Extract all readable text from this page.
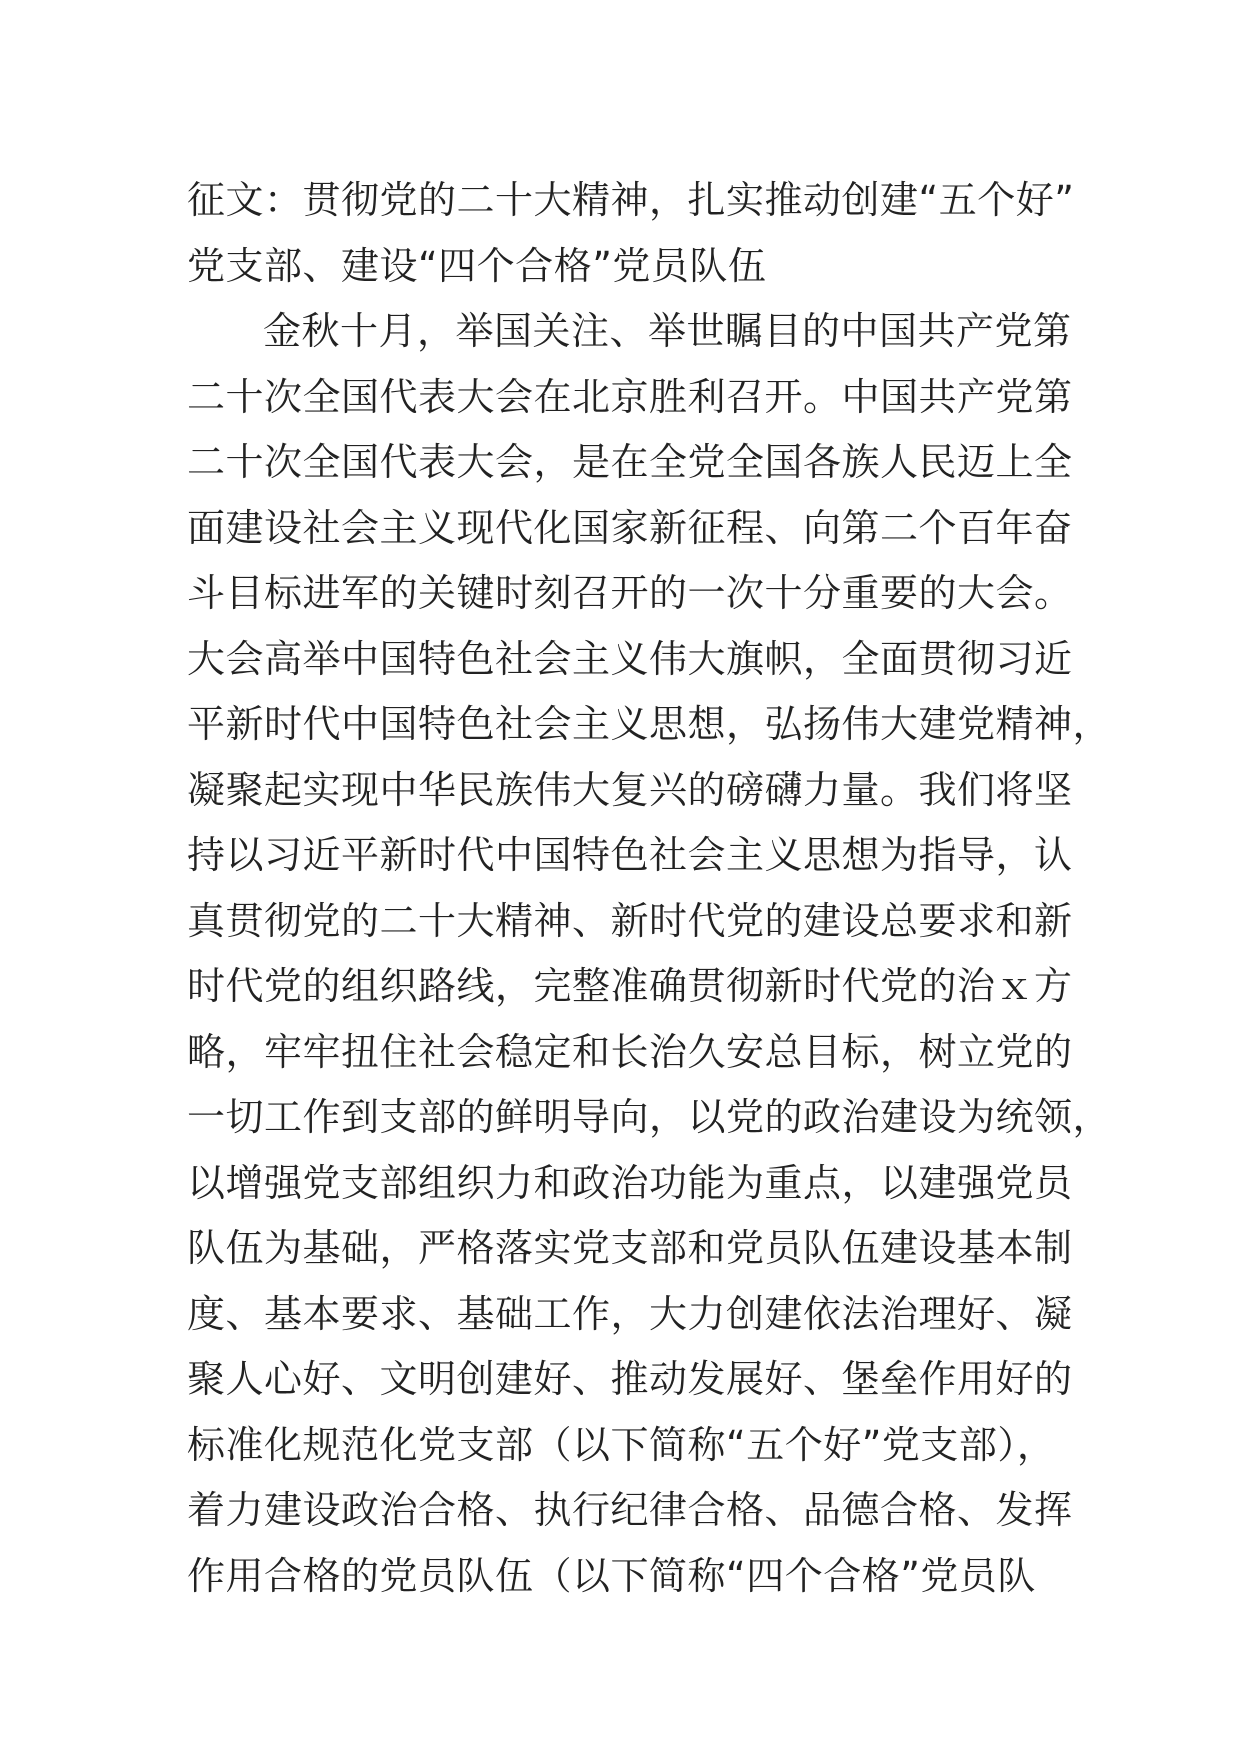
征文：贯彻党的二十大精神，扎实推动创建“五个好”
党支部、建设“四个合格”党员队伍
金秋十月，举国关注、举世瞩目的中国共产党第
二十次全国代表大会在北京胜利召开。中国共产党第
二十次全国代表大会，是在全党全国各族人民迈上全
面建设社会主义现代化国家新征程、向第二个百年奋
斗目标进军的关键时刻召开的一次十分重要的大会。
大会高举中国特色社会主义伟大旗帜，全面贯彻习近
平新时代中国特色社会主义思想，弘扬伟大建党精神，
凝聚起实现中华民族伟大复兴的磅礴力量。我们将坚
持以习近平新时代中国特色社会主义思想为指导，认
真贯彻党的二十大精神、新时代党的建设总要求和新
时代党的组织路线，完整准确贯彻新时代党的治ｘ方
略，牢牢扭住社会稳定和长治久安总目标，树立党的
一切工作到支部的鲜明导向，以党的政治建设为统领，
以增强党支部组织力和政治功能为重点，以建强党员
队伍为基础，严格落实党支部和党员队伍建设基本制
度、基本要求、基础工作，大力创建依法治理好、凝
聚人心好、文明创建好、推动发展好、堡垒作用好的
标准化规范化党支部（以下简称“五个好”党支部），
着力建设政治合格、执行纪律合格、品德合格、发挥
作用合格的党员队伍（以下简称“四个合格”党员队
